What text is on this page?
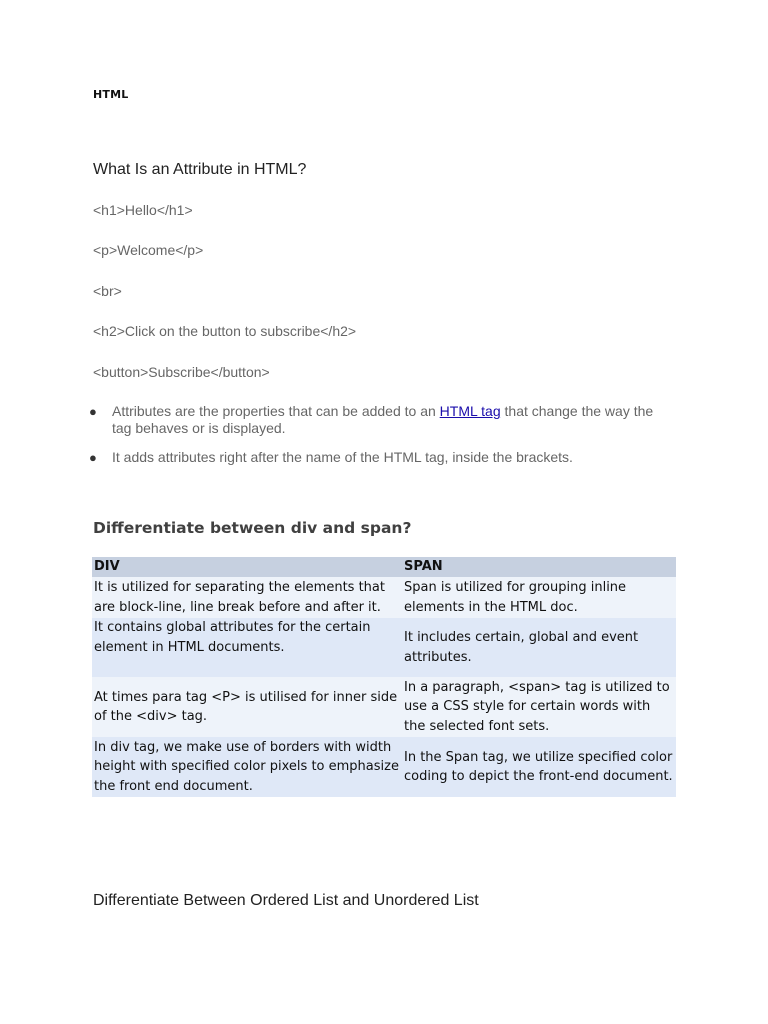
HTML
What Is an Attribute in HTML?
<h1>Hello</h1>
<p>Welcome</p>
<br>
<h2>Click on the button to subscribe</h2>
<button>Subscribe</button>
● Attributes are the properties that can be added to an HTML tag that change the way the tag behaves or is displayed.
● It adds attributes right after the name of the HTML tag, inside the brackets.
Differentiate between div and span?
DIV	SPAN
It is utilized for separating the elements that are block-line, line break before and after it.	Span is utilized for grouping inline elements in the HTML doc.
It contains global attributes for the certain element in HTML documents.	It includes certain, global and event attributes.
At times para tag <P> is utilised for inner side of the <div> tag.	In a paragraph, <span> tag is utilized to use a CSS style for certain words with the selected font sets.
In div tag, we make use of borders with width height with specified color pixels to emphasize the front end document.	In the Span tag, we utilize specified color coding to depict the front-end document.
Differentiate Between Ordered List and Unordered List
